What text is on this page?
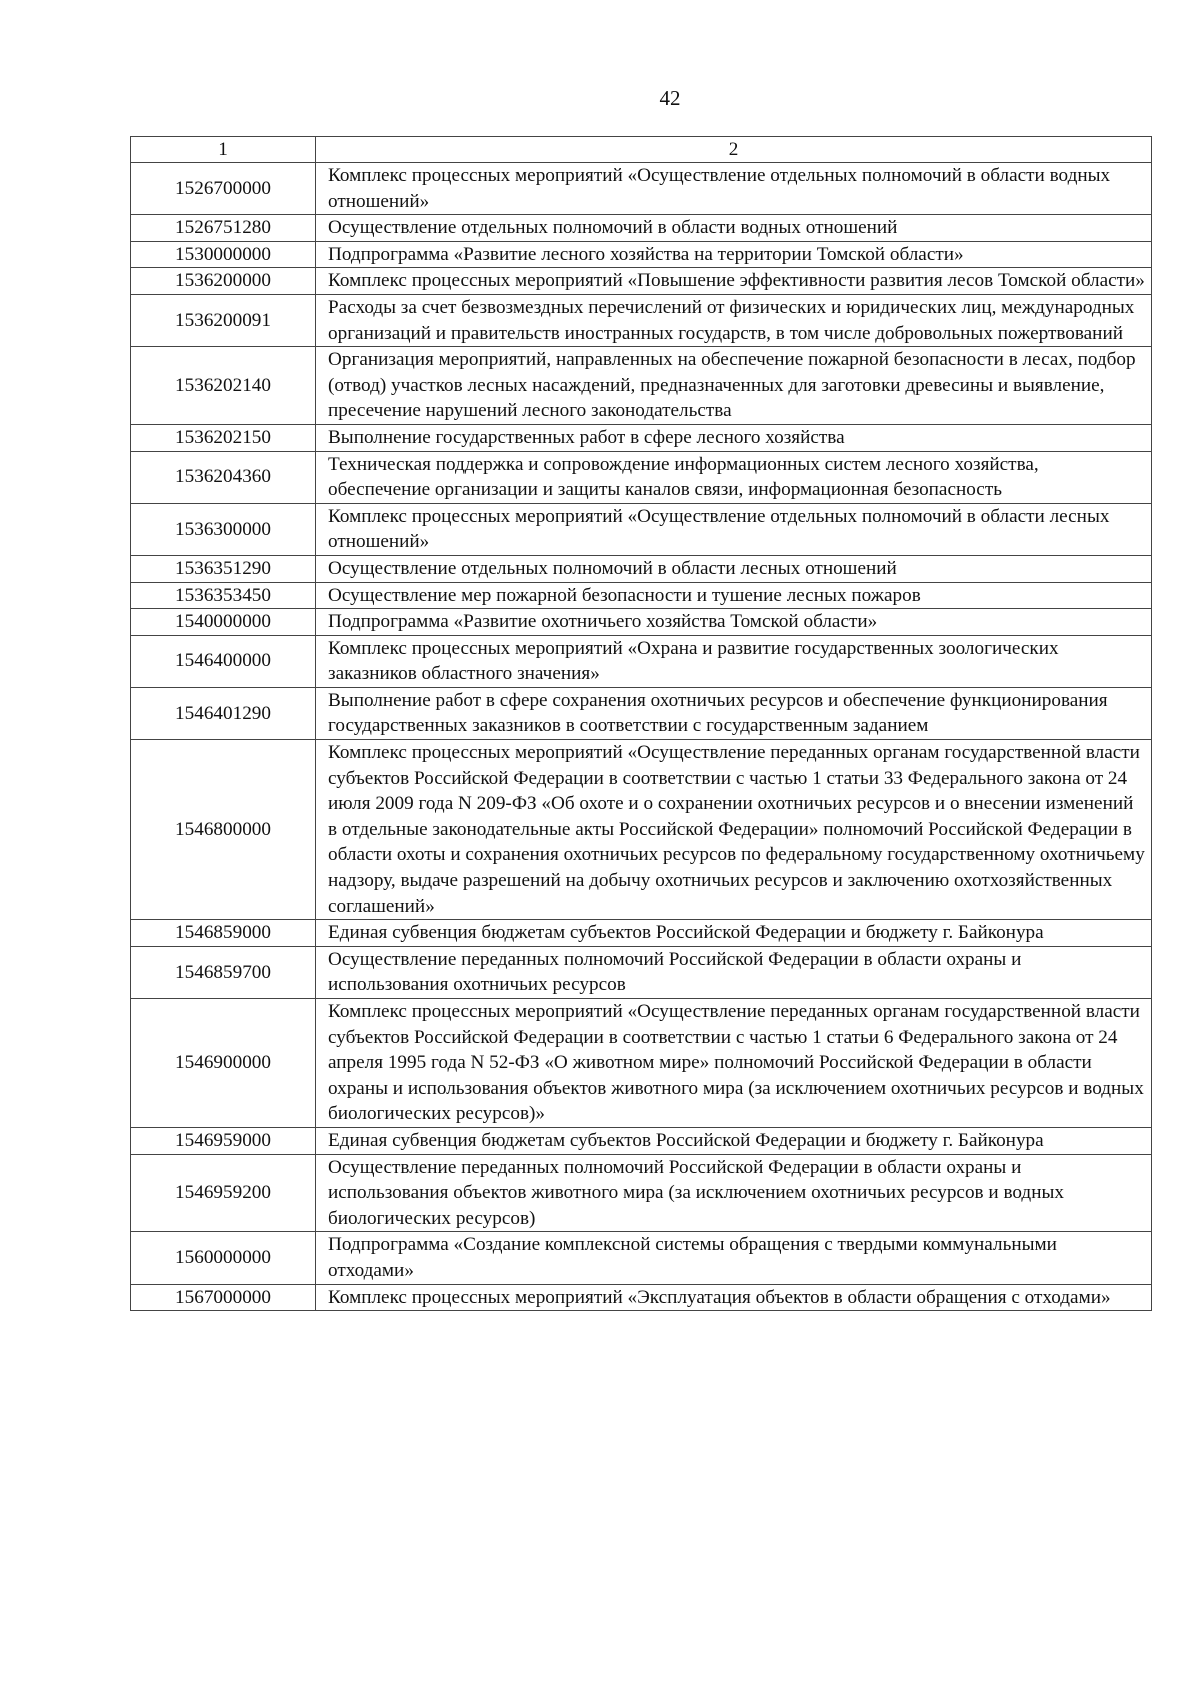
42
1	2
1526700000	Комплекс процессных мероприятий «Осуществление отдельных полномочий в области водных отношений»
1526751280	Осуществление отдельных полномочий в области водных отношений
1530000000	Подпрограмма «Развитие лесного хозяйства на территории Томской области»
1536200000	Комплекс процессных мероприятий «Повышение эффективности развития лесов Томской области»
1536200091	Расходы за счет безвозмездных перечислений от физических и юридических лиц, международных организаций и правительств иностранных государств, в том числе добровольных пожертвований
1536202140	Организация мероприятий, направленных на обеспечение пожарной безопасности в лесах, подбор (отвод) участков лесных насаждений, предназначенных для заготовки древесины и выявление, пресечение нарушений лесного законодательства
1536202150	Выполнение государственных работ в сфере лесного хозяйства
1536204360	Техническая поддержка и сопровождение информационных систем лесного хозяйства, обеспечение организации и защиты каналов связи, информационная безопасность
1536300000	Комплекс процессных мероприятий «Осуществление отдельных полномочий в области лесных отношений»
1536351290	Осуществление отдельных полномочий в области лесных отношений
1536353450	Осуществление мер пожарной безопасности и тушение лесных пожаров
1540000000	Подпрограмма «Развитие охотничьего хозяйства Томской области»
1546400000	Комплекс процессных мероприятий «Охрана и развитие государственных зоологических заказников областного значения»
1546401290	Выполнение работ в сфере сохранения охотничьих ресурсов и обеспечение функционирования государственных заказников в соответствии с государственным заданием
1546800000	Комплекс процессных мероприятий «Осуществление переданных органам государственной власти субъектов Российской Федерации в соответствии с частью 1 статьи 33 Федерального закона от 24 июля 2009 года N 209-ФЗ «Об охоте и о сохранении охотничьих ресурсов и о внесении изменений в отдельные законодательные акты Российской Федерации» полномочий Российской Федерации в области охоты и сохранения охотничьих ресурсов по федеральному государственному охотничьему надзору, выдаче разрешений на добычу охотничьих ресурсов и заключению охотхозяйственных соглашений»
1546859000	Единая субвенция бюджетам субъектов Российской Федерации и бюджету г. Байконура
1546859700	Осуществление переданных полномочий Российской Федерации в области охраны и использования охотничьих ресурсов
1546900000	Комплекс процессных мероприятий «Осуществление переданных органам государственной власти субъектов Российской Федерации в соответствии с частью 1 статьи 6 Федерального закона от 24 апреля 1995 года N 52-ФЗ «О животном мире» полномочий Российской Федерации в области охраны и использования объектов животного мира (за исключением охотничьих ресурсов и водных биологических ресурсов)»
1546959000	Единая субвенция бюджетам субъектов Российской Федерации и бюджету г. Байконура
1546959200	Осуществление переданных полномочий Российской Федерации в области охраны и использования объектов животного мира (за исключением охотничьих ресурсов и водных биологических ресурсов)
1560000000	Подпрограмма «Создание комплексной системы обращения с твердыми коммунальными отходами»
1567000000	Комплекс процессных мероприятий «Эксплуатация объектов в области обращения с отходами»
